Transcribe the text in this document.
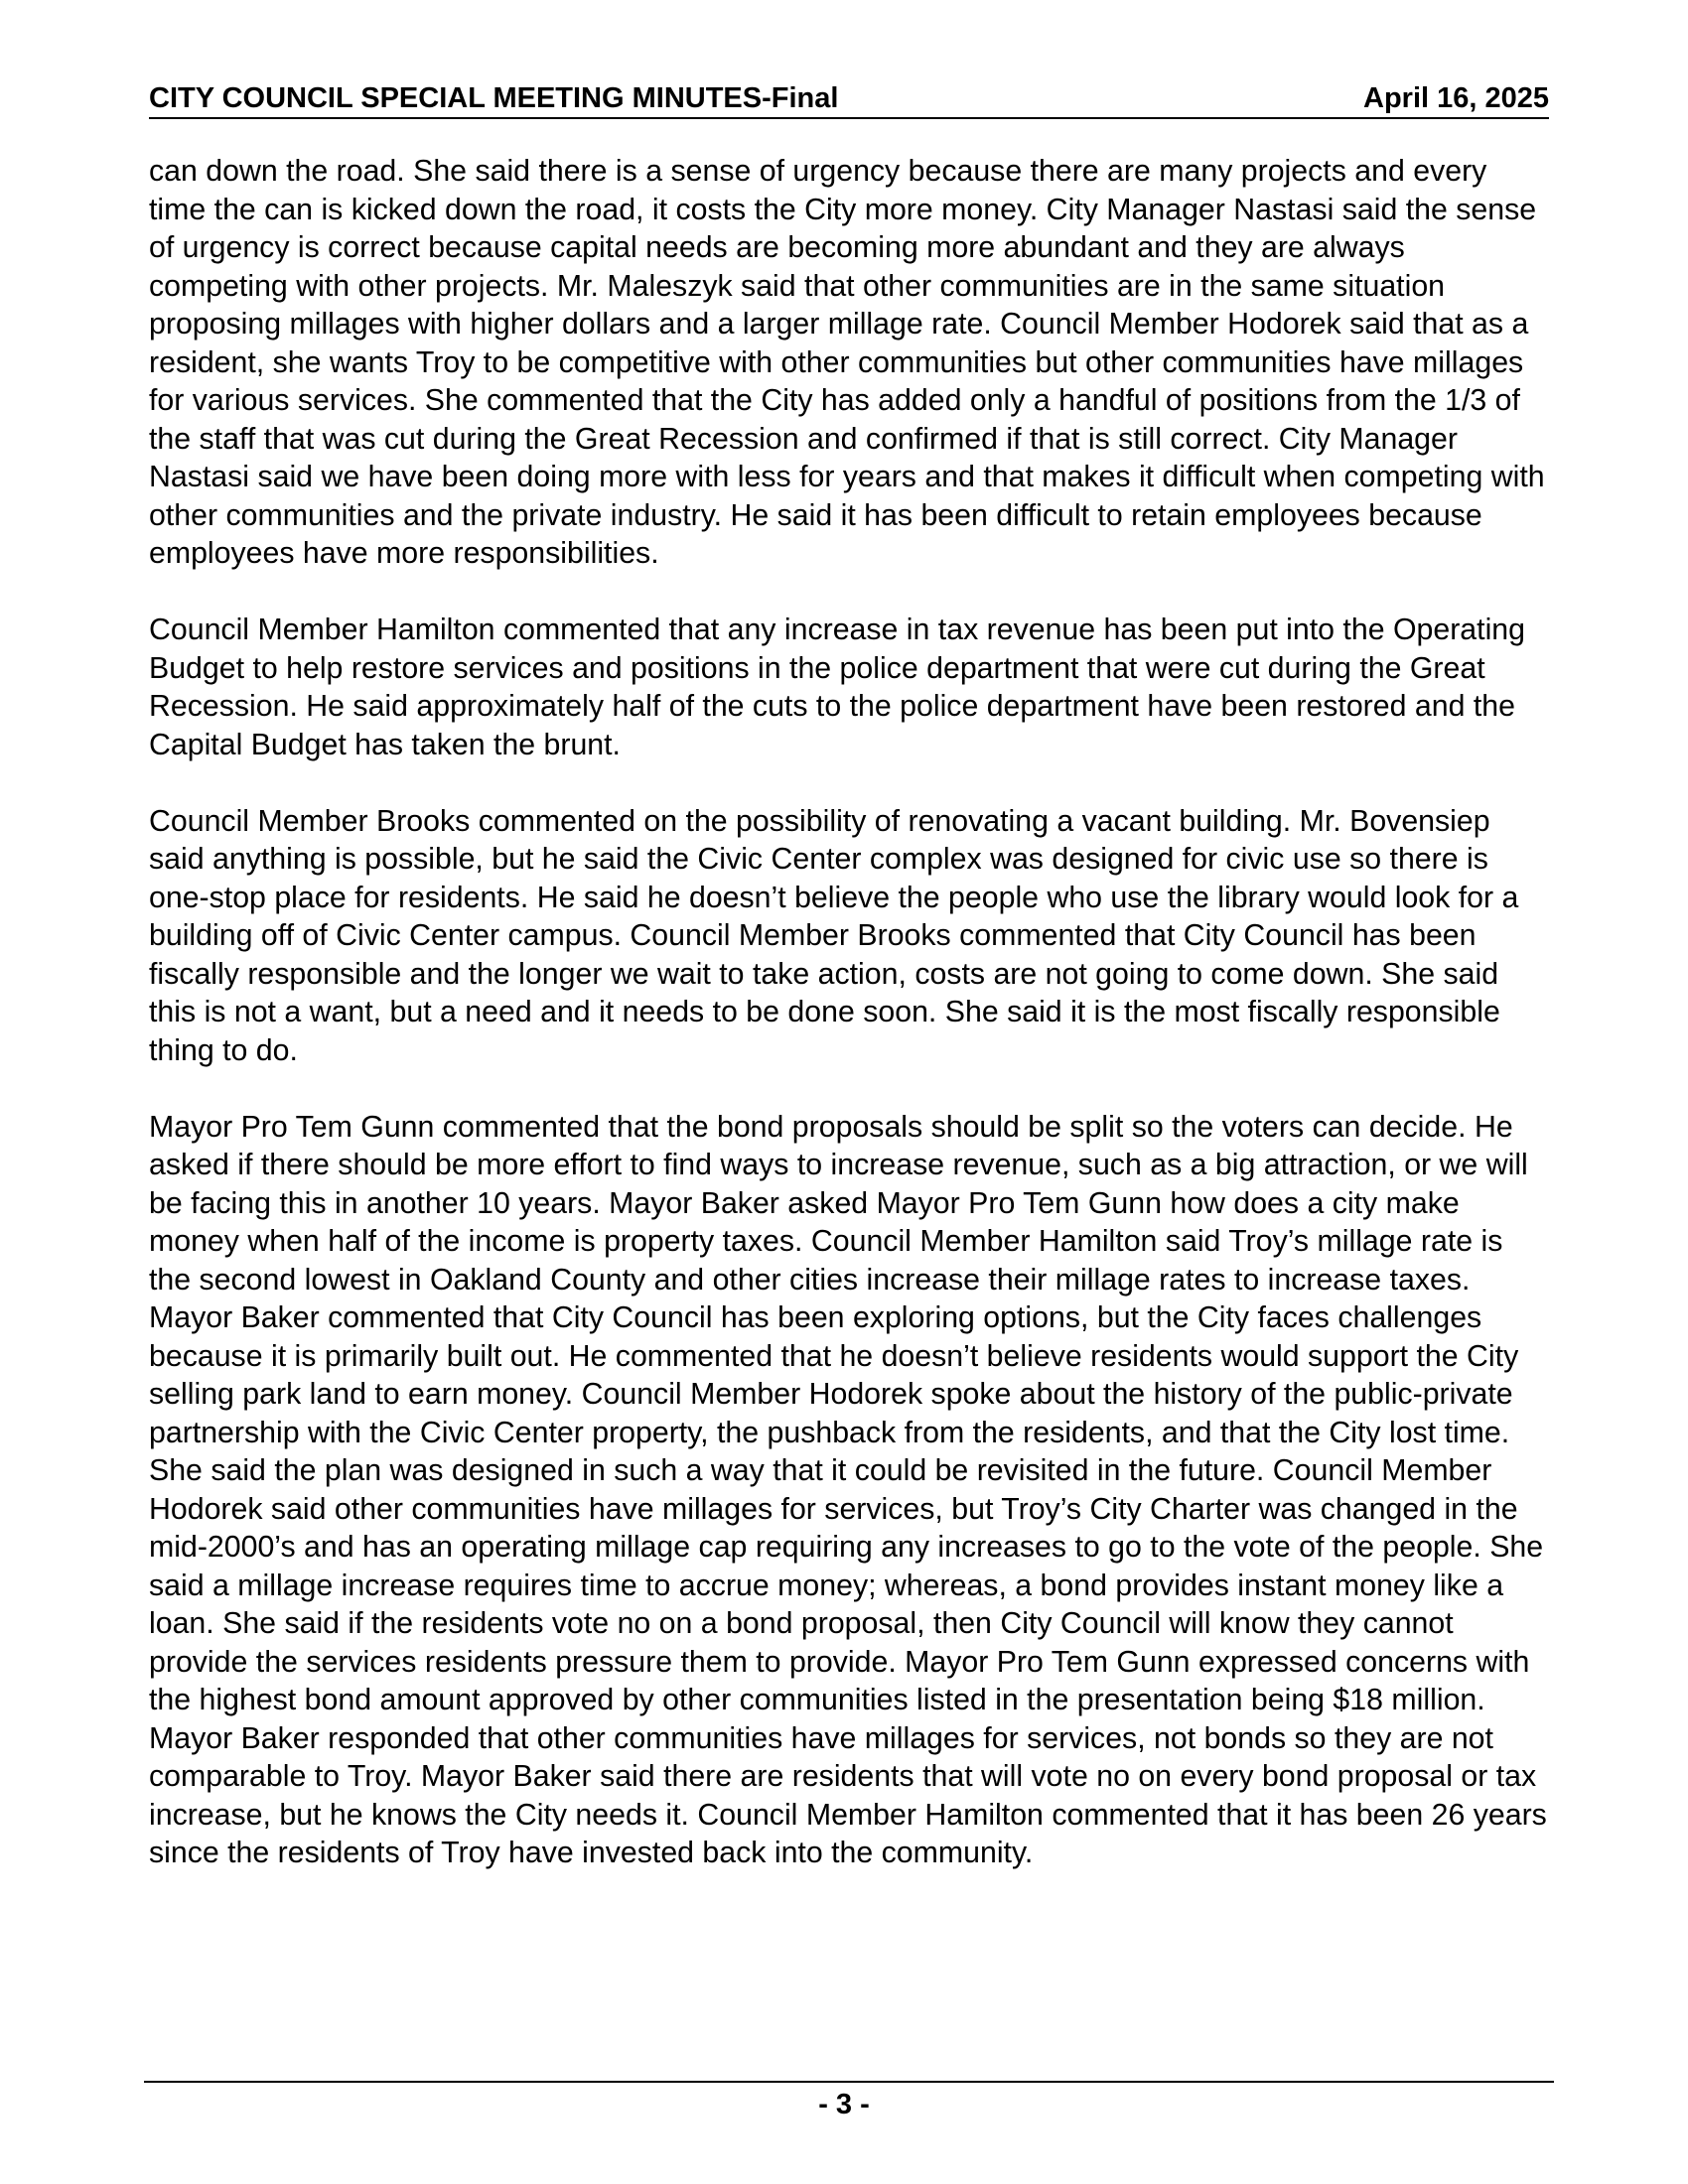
CITY COUNCIL SPECIAL MEETING MINUTES-Final	April 16, 2025

can down the road. She said there is a sense of urgency because there are many projects and every time the can is kicked down the road, it costs the City more money. City Manager Nastasi said the sense of urgency is correct because capital needs are becoming more abundant and they are always competing with other projects. Mr. Maleszyk said that other communities are in the same situation proposing millages with higher dollars and a larger millage rate. Council Member Hodorek said that as a resident, she wants Troy to be competitive with other communities but other communities have millages for various services. She commented that the City has added only a handful of positions from the 1/3 of the staff that was cut during the Great Recession and confirmed if that is still correct. City Manager Nastasi said we have been doing more with less for years and that makes it difficult when competing with other communities and the private industry. He said it has been difficult to retain employees because employees have more responsibilities.

Council Member Hamilton commented that any increase in tax revenue has been put into the Operating Budget to help restore services and positions in the police department that were cut during the Great Recession. He said approximately half of the cuts to the police department have been restored and the Capital Budget has taken the brunt.

Council Member Brooks commented on the possibility of renovating a vacant building. Mr. Bovensiep said anything is possible, but he said the Civic Center complex was designed for civic use so there is one-stop place for residents. He said he doesn’t believe the people who use the library would look for a building off of Civic Center campus. Council Member Brooks commented that City Council has been fiscally responsible and the longer we wait to take action, costs are not going to come down. She said this is not a want, but a need and it needs to be done soon. She said it is the most fiscally responsible thing to do.

Mayor Pro Tem Gunn commented that the bond proposals should be split so the voters can decide. He asked if there should be more effort to find ways to increase revenue, such as a big attraction, or we will be facing this in another 10 years. Mayor Baker asked Mayor Pro Tem Gunn how does a city make money when half of the income is property taxes. Council Member Hamilton said Troy’s millage rate is the second lowest in Oakland County and other cities increase their millage rates to increase taxes. Mayor Baker commented that City Council has been exploring options, but the City faces challenges because it is primarily built out. He commented that he doesn’t believe residents would support the City selling park land to earn money. Council Member Hodorek spoke about the history of the public-private partnership with the Civic Center property, the pushback from the residents, and that the City lost time. She said the plan was designed in such a way that it could be revisited in the future. Council Member Hodorek said other communities have millages for services, but Troy’s City Charter was changed in the mid-2000’s and has an operating millage cap requiring any increases to go to the vote of the people. She said a millage increase requires time to accrue money; whereas, a bond provides instant money like a loan. She said if the residents vote no on a bond proposal, then City Council will know they cannot provide the services residents pressure them to provide. Mayor Pro Tem Gunn expressed concerns with the highest bond amount approved by other communities listed in the presentation being $18 million. Mayor Baker responded that other communities have millages for services, not bonds so they are not comparable to Troy. Mayor Baker said there are residents that will vote no on every bond proposal or tax increase, but he knows the City needs it. Council Member Hamilton commented that it has been 26 years since the residents of Troy have invested back into the community.

- 3 -
